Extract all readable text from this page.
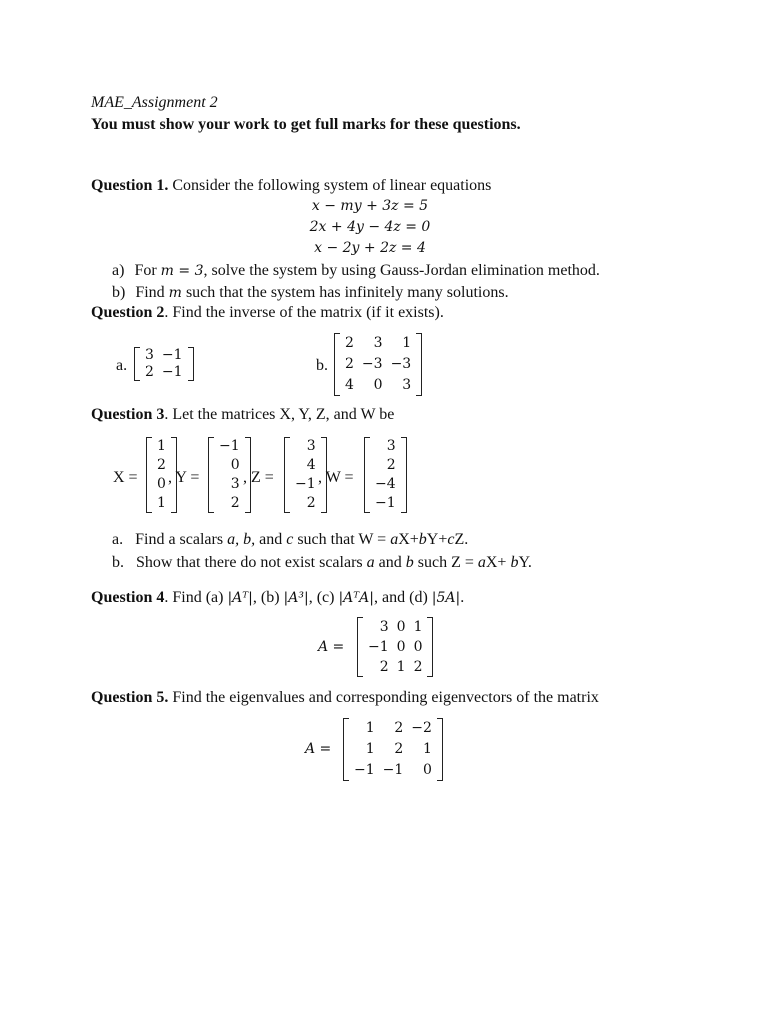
MAE_Assignment 2
You must show your work to get full marks for these questions.
Question 1. Consider the following system of linear equations
x − my + 3z = 5
2x + 4y − 4z = 0
x − 2y + 2z = 4
a) For m = 3, solve the system by using Gauss-Jordan elimination method.
b) Find m such that the system has infinitely many solutions.
Question 2. Find the inverse of the matrix (if it exists).
a.
3 −1
2 −1	b.
2	3	1
2 −3 −3
4	0	3
Question 3. Let the matrices X, Y, Z, and W be
X =
1
2
0
1
, Y =
−1
0
3
2
, Z =
3
4
−1
2
, W =
3
2
−4
−1
a. Find a scalars a, b, and c such that W = aX+bY+cZ.
b. Show that there do not exist scalars a and b such Z = aX+ bY.
Question 4. Find (a) |Aᵀ|, (b) |A³|, (c) |AᵀA|, and (d) |5A|.
A =
3 0 1
−1 0 0
2 1 2
Question 5. Find the eigenvalues and corresponding eigenvectors of the matrix
A =
1	2 −2
1	2	1
−1 −1	0
